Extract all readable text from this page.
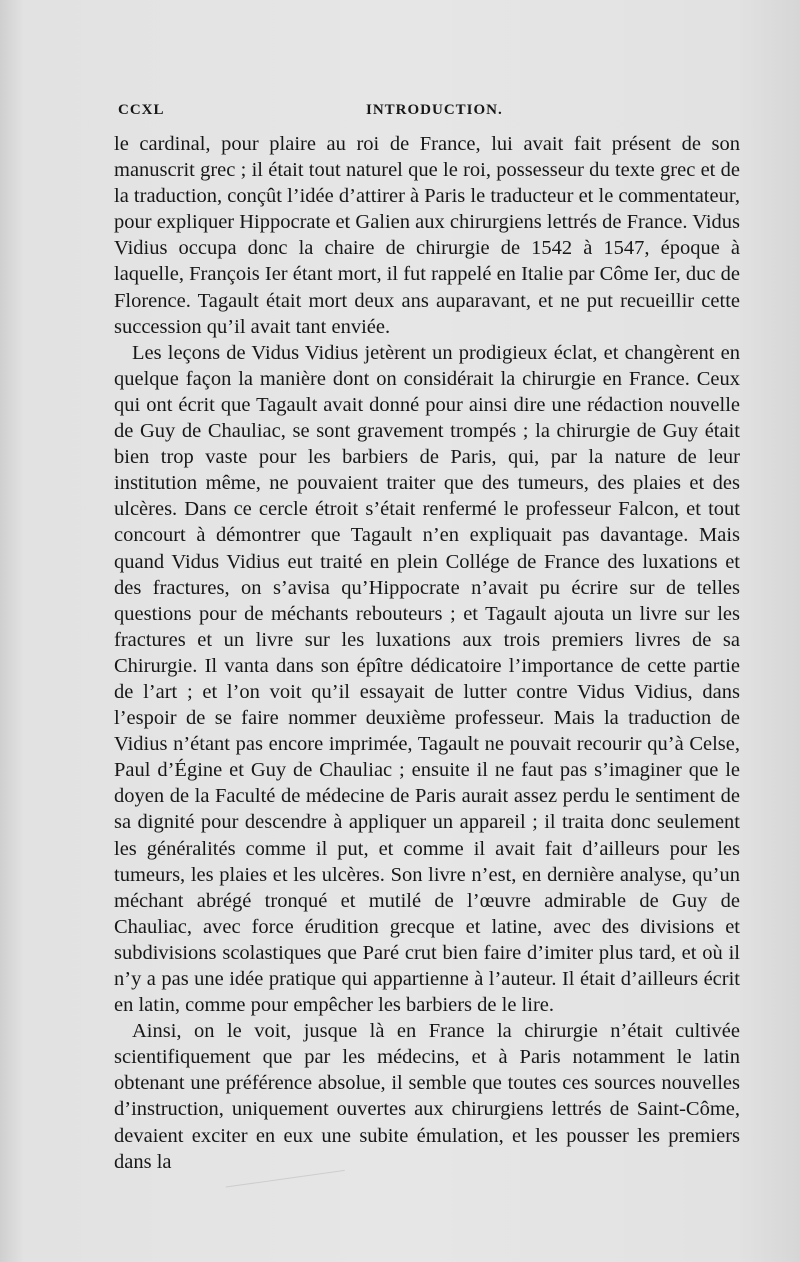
CCXL	INTRODUCTION.

le cardinal, pour plaire au roi de France, lui avait fait présent de son manuscrit grec ; il était tout naturel que le roi, possesseur du texte grec et de la traduction, conçût l’idée d’attirer à Paris le traducteur et le commentateur, pour expliquer Hippocrate et Galien aux chirurgiens lettrés de France. Vidus Vidius occupa donc la chaire de chirurgie de 1542 à 1547, époque à laquelle, François Ier étant mort, il fut rappelé en Italie par Côme Ier, duc de Florence. Tagault était mort deux ans auparavant, et ne put recueillir cette succession qu’il avait tant enviée.

Les leçons de Vidus Vidius jetèrent un prodigieux éclat, et changèrent en quelque façon la manière dont on considérait la chirurgie en France. Ceux qui ont écrit que Tagault avait donné pour ainsi dire une rédaction nouvelle de Guy de Chauliac, se sont gravement trompés ; la chirurgie de Guy était bien trop vaste pour les barbiers de Paris, qui, par la nature de leur institution même, ne pouvaient traiter que des tumeurs, des plaies et des ulcères. Dans ce cercle étroit s’était renfermé le professeur Falcon, et tout concourt à démontrer que Tagault n’en expliquait pas davantage. Mais quand Vidus Vidius eut traité en plein Collége de France des luxations et des fractures, on s’avisa qu’Hippocrate n’avait pu écrire sur de telles questions pour de méchants rebouteurs ; et Tagault ajouta un livre sur les fractures et un livre sur les luxations aux trois premiers livres de sa Chirurgie. Il vanta dans son épître dédicatoire l’importance de cette partie de l’art ; et l’on voit qu’il essayait de lutter contre Vidus Vidius, dans l’espoir de se faire nommer deuxième professeur. Mais la traduction de Vidius n’étant pas encore imprimée, Tagault ne pouvait recourir qu’à Celse, Paul d’Égine et Guy de Chauliac ; ensuite il ne faut pas s’imaginer que le doyen de la Faculté de médecine de Paris aurait assez perdu le sentiment de sa dignité pour descendre à appliquer un appareil ; il traita donc seulement les généralités comme il put, et comme il avait fait d’ailleurs pour les tumeurs, les plaies et les ulcères. Son livre n’est, en dernière analyse, qu’un méchant abrégé tronqué et mutilé de l’œuvre admirable de Guy de Chauliac, avec force érudition grecque et latine, avec des divisions et subdivisions scolastiques que Paré crut bien faire d’imiter plus tard, et où il n’y a pas une idée pratique qui appartienne à l’auteur. Il était d’ailleurs écrit en latin, comme pour empêcher les barbiers de le lire.

Ainsi, on le voit, jusque là en France la chirurgie n’était cultivée scientifiquement que par les médecins, et à Paris notamment le latin obtenant une préférence absolue, il semble que toutes ces sources nouvelles d’instruction, uniquement ouvertes aux chirurgiens lettrés de Saint-Côme, devaient exciter en eux une subite émulation, et les pousser les premiers dans la
